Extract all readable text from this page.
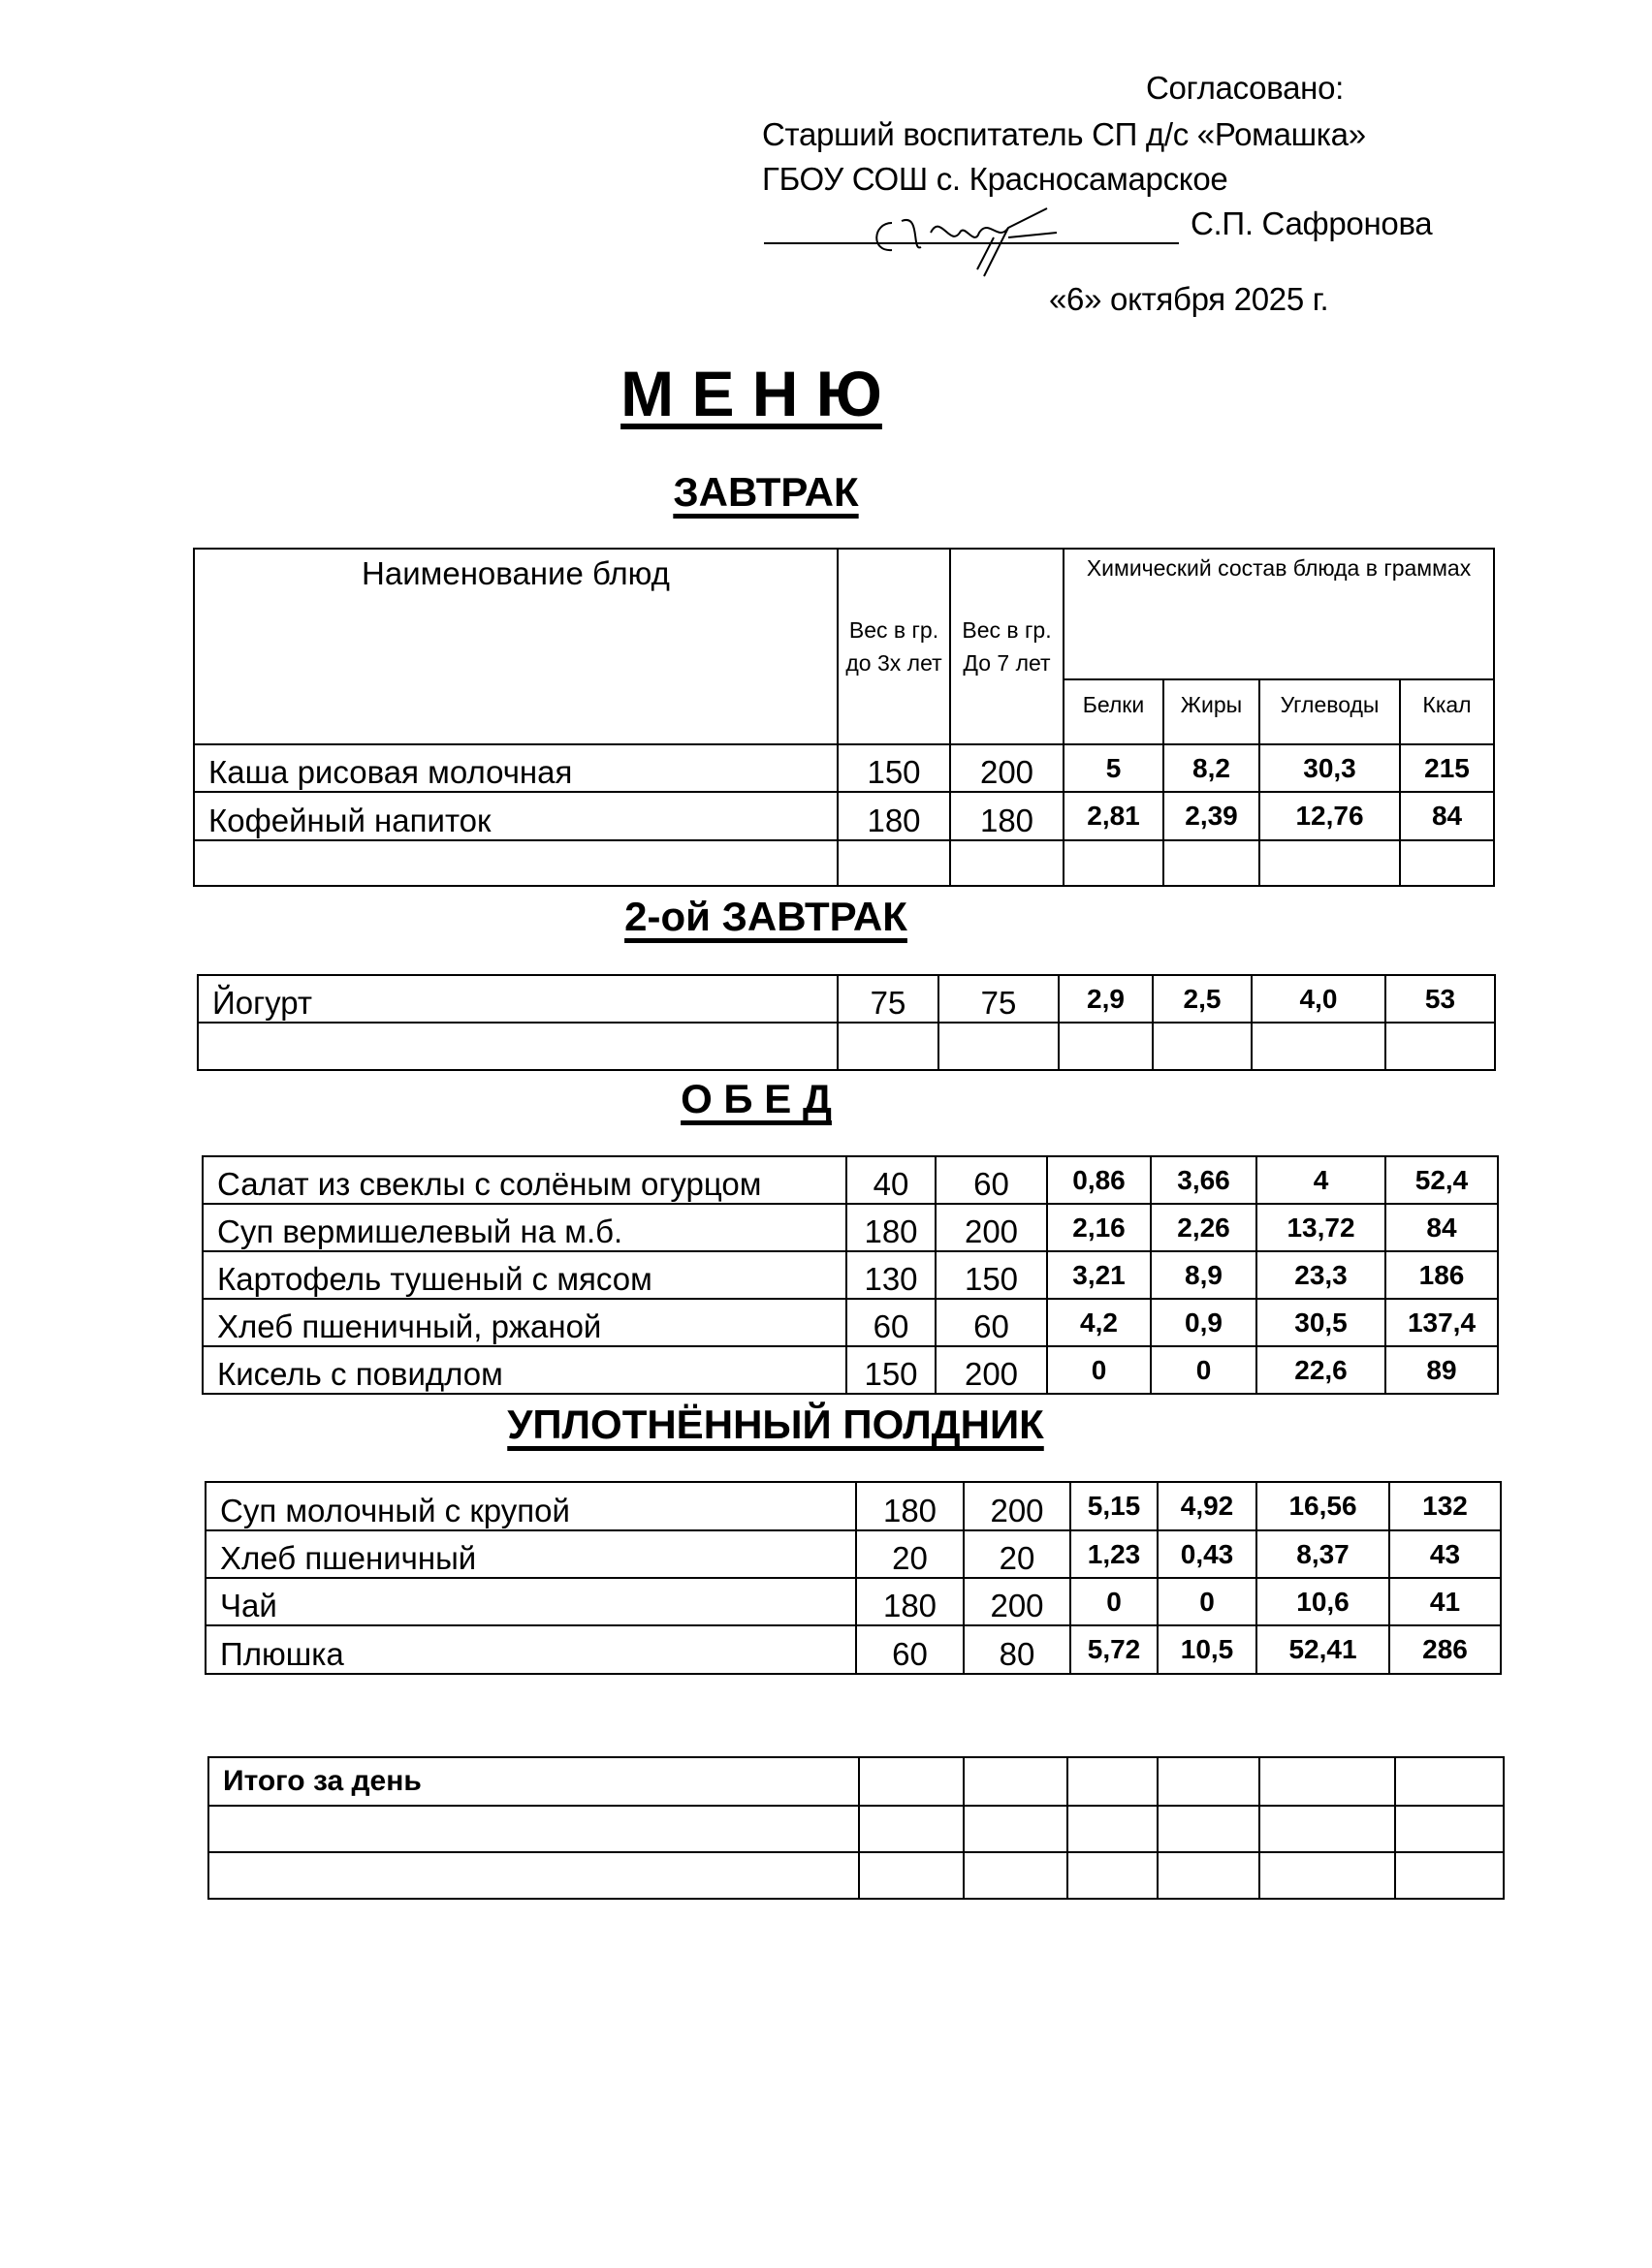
Согласовано:
Старший воспитатель СП д/с «Ромашка»
ГБОУ СОШ с. Красносамарское
С.П. Сафронова
«6» октября 2025 г.
М Е Н Ю
ЗАВТРАК
Наименование блюд	Вес в гр. до 3х лет	Вес в гр. До 7 лет	Химический состав блюда в граммах			
			Белки	Жиры	Углеводы	Ккал
Каша рисовая молочная	150	200	5	8,2	30,3	215
Кофейный напиток	180	180	2,81	2,39	12,76	84

2-ой ЗАВТРАК
Йогурт	75	75	2,9	2,5	4,0	53

О Б Е Д
Салат из свеклы с солёным огурцом	40	60	0,86	3,66	4	52,4
Суп вермишелевый на м.б.	180	200	2,16	2,26	13,72	84
Картофель тушеный с мясом	130	150	3,21	8,9	23,3	186
Хлеб пшеничный, ржаной	60	60	4,2	0,9	30,5	137,4
Кисель с повидлом	150	200	0	0	22,6	89
УПЛОТНЁННЫЙ ПОЛДНИК
Суп молочный с крупой	180	200	5,15	4,92	16,56	132
Хлеб пшеничный	20	20	1,23	0,43	8,37	43
Чай	180	200	0	0	10,6	41
Плюшка	60	80	5,72	10,5	52,41	286
Итого за день						
